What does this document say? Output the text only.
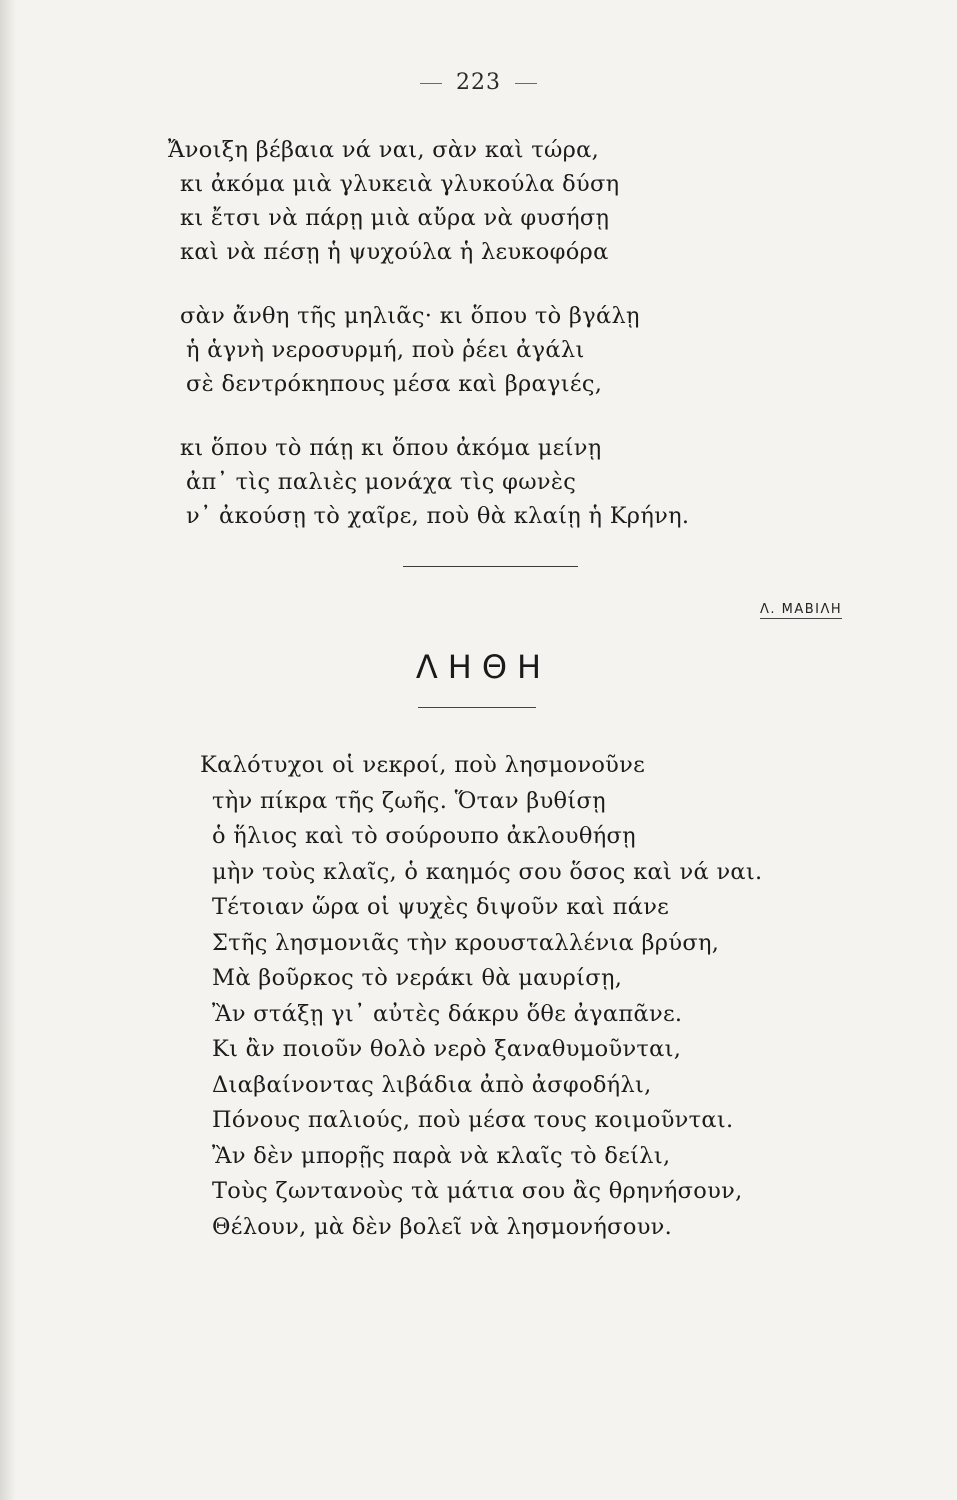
223
Ἄνοιξη βέβαια νά ναι, σὰν καὶ τώρα,
κι ἀκόμα μιὰ γλυκειὰ γλυκούλα δύση
κι ἔτσι νὰ πάρῃ μιὰ αὔρα νὰ φυσήσῃ
καὶ νὰ πέσῃ ἡ ψυχούλα ἡ λευκοφόρα
σὰν ἄνθη τῆς μηλιᾶς· κι ὅπου τὸ βγάλῃ
ἡ ἁγνὴ νεροσυρμή, ποὺ ῥέει ἀγάλι
σὲ δεντρόκηπους μέσα καὶ βραγιές,
κι ὅπου τὸ πάῃ κι ὅπου ἀκόμα μείνῃ
ἀπ᾽ τὶς παλιὲς μονάχα τὶς φωνὲς
ν᾽ ἀκούσῃ τὸ χαῖρε, ποὺ θὰ κλαίῃ ἡ Κρήνη.
Λ. ΜΑΒΙΛΗ
ΛΗΘΗ
Καλότυχοι οἱ νεκροί, ποὺ λησμονοῦνε
τὴν πίκρα τῆς ζωῆς. Ὅταν βυθίσῃ
ὁ ἥλιος καὶ τὸ σούρουπο ἀκλουθήσῃ
μὴν τοὺς κλαῖς, ὁ καημός σου ὅσος καὶ νά ναι.
Τέτοιαν ὥρα οἱ ψυχὲς διψοῦν καὶ πάνε
Στῆς λησμονιᾶς τὴν κρουσταλλένια βρύση,
Μὰ βοῦρκος τὸ νεράκι θὰ μαυρίσῃ,
Ἂν στάξῃ γι᾽ αὐτὲς δάκρυ ὅθε ἀγαπᾶνε.
Κι ἂν ποιοῦν θολὸ νερὸ ξαναθυμοῦνται,
Διαβαίνοντας λιβάδια ἀπὸ ἀσφοδήλι,
Πόνους παλιούς, ποὺ μέσα τους κοιμοῦνται.
Ἂν δὲν μπορῇς παρὰ νὰ κλαῖς τὸ δείλι,
Τοὺς ζωντανοὺς τὰ μάτια σου ἂς θρηνήσουν,
Θέλουν, μὰ δὲν βολεῖ νὰ λησμονήσουν.
